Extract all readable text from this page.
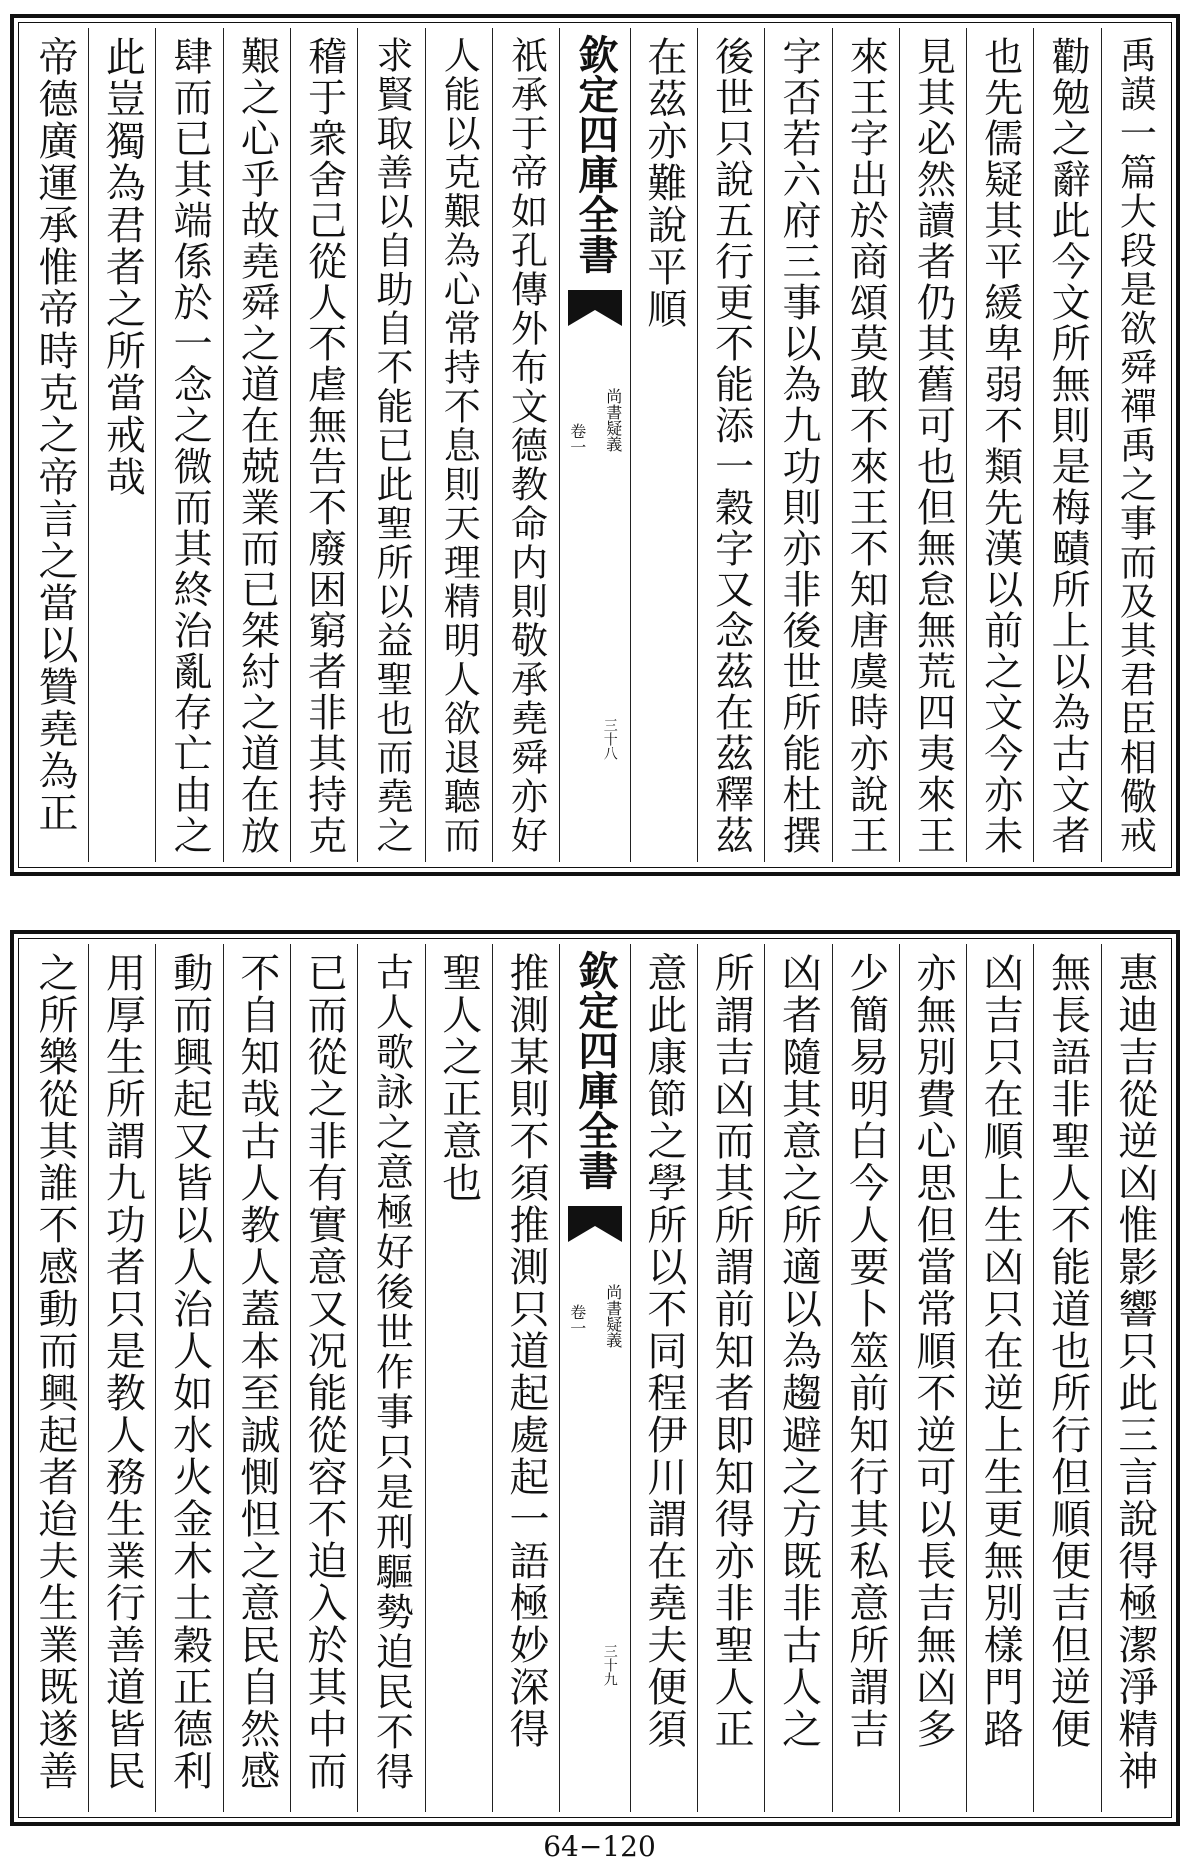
禹謨一篇大段是欲舜禪禹之事而及其君臣相儆戒
勸勉之辭此今文所無則是梅賾所上以為古文者
也先儒疑其平緩卑弱不類先漢以前之文今亦未
見其必然讀者仍其舊可也但無怠無荒四夷來王
來王字出於商頌莫敢不來王不知唐虞時亦說王
字否若六府三事以為九功則亦非後世所能杜撰
後世只說五行更不能添一穀字又念茲在茲釋茲
在茲亦難說平順
欽定四庫全書
尚書疑義
卷一
三十八
祇承于帝如孔傳外布文德教命内則敬承堯舜亦好
人能以克艱為心常持不息則天理精明人欲退聽而
求賢取善以自助自不能已此聖所以益聖也而堯之
稽于衆舍己從人不虐無告不廢困窮者非其持克
艱之心乎故堯舜之道在兢業而已桀紂之道在放
肆而已其端係於一念之微而其終治亂存亡由之
此豈獨為君者之所當戒哉
帝德廣運承惟帝時克之帝言之當以贊堯為正
惠迪吉從逆凶惟影響只此三言說得極潔淨精神
無長語非聖人不能道也所行但順便吉但逆便
凶吉只在順上生凶只在逆上生更無別樣門路
亦無別費心思但當常順不逆可以長吉無凶多
少簡易明白今人要卜筮前知行其私意所謂吉
凶者隨其意之所適以為趨避之方既非古人之
所謂吉凶而其所謂前知者即知得亦非聖人正
意此康節之學所以不同程伊川謂在堯夫便須
欽定四庫全書
尚書疑義
卷一
三十九
推測某則不須推測只道起處起一語極妙深得
聖人之正意也
古人歌詠之意極好後世作事只是刑驅勢迫民不得
已而從之非有實意又况能從容不迫入於其中而
不自知哉古人教人蓋本至誠惻怛之意民自然感
動而興起又皆以人治人如水火金木土穀正德利
用厚生所謂九功者只是教人務生業行善道皆民
之所樂從其誰不感動而興起者迨夫生業既遂善
64−120
